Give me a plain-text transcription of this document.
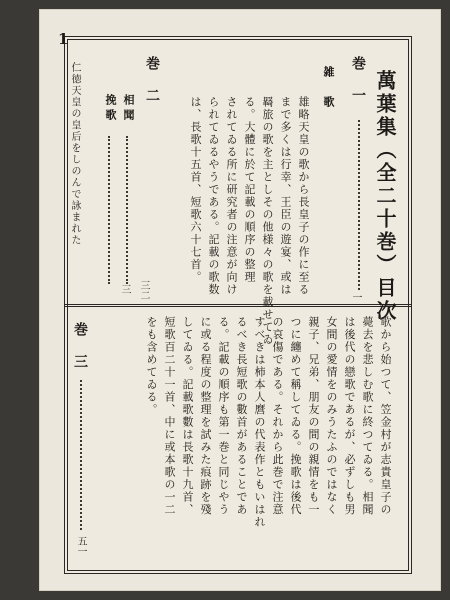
1
萬葉集（全二十巻）目次
巻　一
雑　歌
一
雄略天皇の歌から長皇子の作に至る
まで多くは行幸、王臣の遊宴、或は
羇旅の歌を主としその他様々の歌を載せてゐ
る。大體に於て記載の順序の整理
されてゐる所に研究者の注意が向け
られてゐるやうである。記載の歌数
は、長歌十五首、短歌六十七首。
巻　二
相聞
挽歌
三二
三
仁徳天皇の皇后をしのんで詠まれた
巻　三
五一
歌から始つて、笠金村が志貴皇子の
薨去を悲しむ歌に終つてゐる。相聞
は後代の戀歌であるが、必ずしも男
女間の愛情をのみうたふのではなく
親子、兄弟、朋友の間の親情をも一
つに纏めて稱してゐる。挽歌は後代
の哀傷である。それから此巻で注意
すべきは柿本人麿の代表作ともいはれ
るべき長短歌の數首があることであ
る。記載の順序も第一巻と同じやう
に或る程度の整理を試みた痕跡を殘
してゐる。記載歌數は長歌十九首、
短歌百二十一首、中に或本歌の一二
をも含めてゐる。
